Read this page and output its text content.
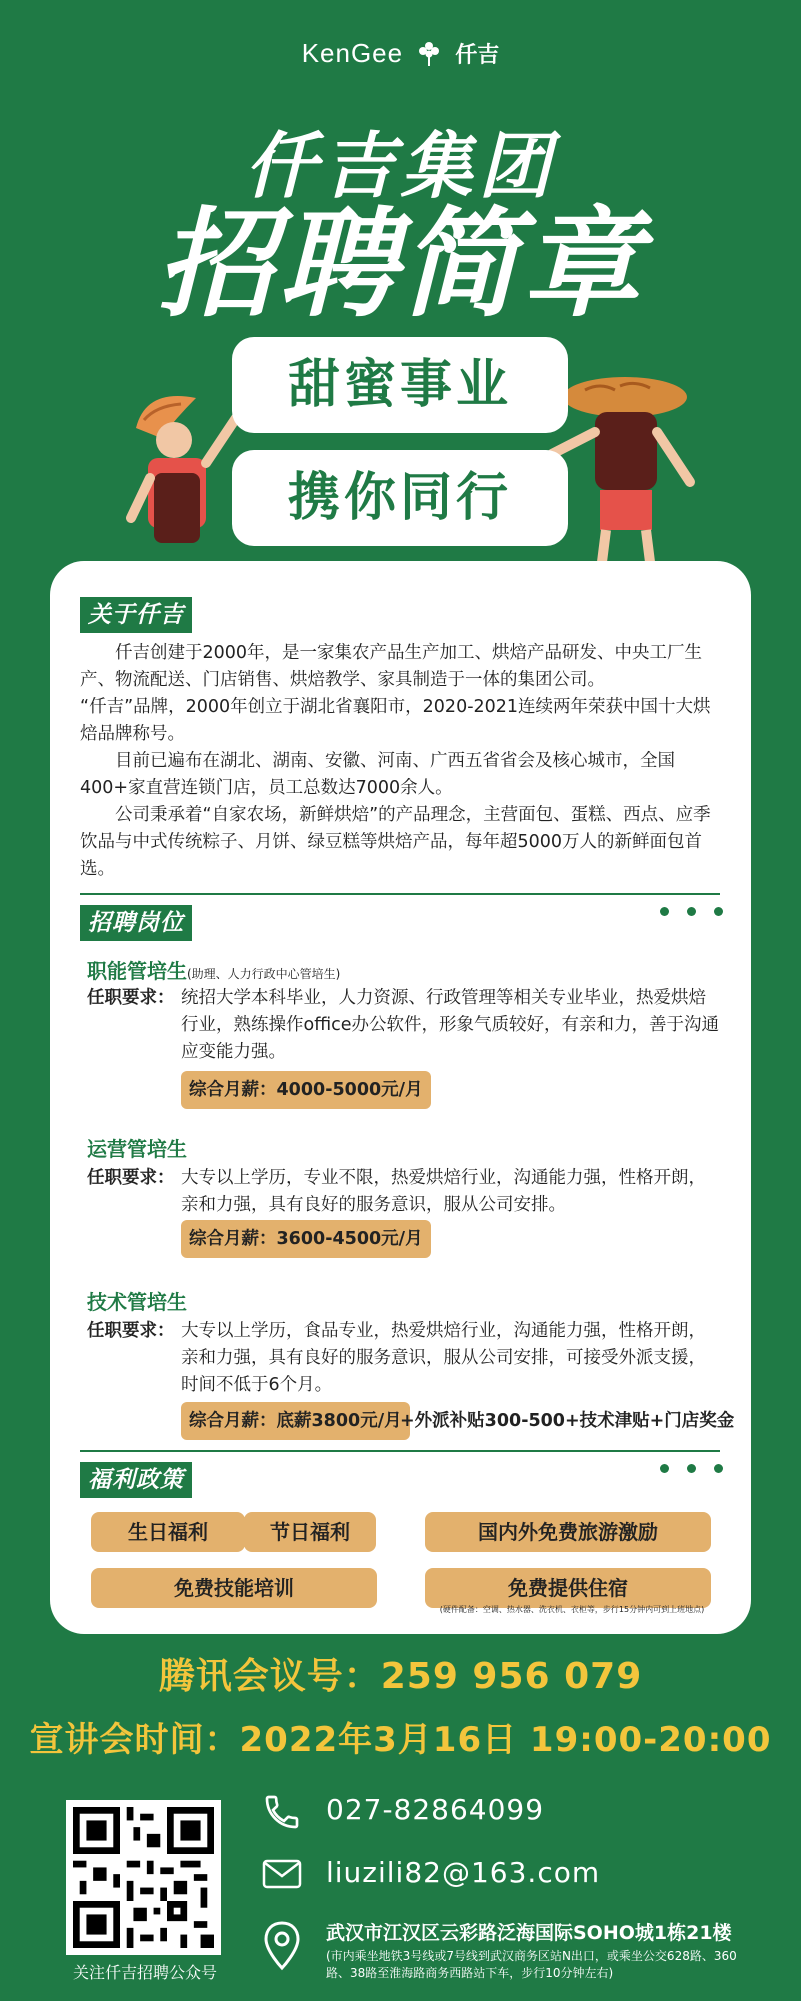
KenGee 仟吉
仟吉集团
招聘简章
甜蜜事业
携你同行
关于仟吉
　　仟吉创建于2000年，是一家集农产品生产加工、烘焙产品研发、中央工厂生产、物流配送、门店销售、烘焙教学、家具制造于一体的集团公司。
“仟吉”品牌，2000年创立于湖北省襄阳市，2020-2021连续两年荣获中国十大烘焙品牌称号。
　　目前已遍布在湖北、湖南、安徽、河南、广西五省省会及核心城市，全国400+家直营连锁门店，员工总数达7000余人。
　　公司秉承着“自家农场，新鲜烘焙”的产品理念，主营面包、蛋糕、西点、应季饮品与中式传统粽子、月饼、绿豆糕等烘焙产品，每年超5000万人的新鲜面包首选。
招聘岗位
职能管培生(助理、人力行政中心管培生)
任职要求： 统招大学本科毕业，人力资源、行政管理等相关专业毕业，热爱烘焙行业，熟练操作office办公软件，形象气质较好，有亲和力，善于沟通应变能力强。
综合月薪：4000-5000元/月
运营管培生
任职要求： 大专以上学历，专业不限，热爱烘焙行业，沟通能力强，性格开朗，亲和力强，具有良好的服务意识，服从公司安排。
综合月薪：3600-4500元/月
技术管培生
任职要求： 大专以上学历，食品专业，热爱烘焙行业，沟通能力强，性格开朗，亲和力强，具有良好的服务意识，服从公司安排，可接受外派支援，时间不低于6个月。
综合月薪：底薪3800元/月
+外派补贴300-500+技术津贴+门店奖金
福利政策
生日福利	节日福利	国内外免费旅游激励
免费技能培训	免费提供住宿
(硬件配备：空调、热水器、洗衣机、衣柜等，步行15分钟内可到上班地点)
腾讯会议号：259 956 079
宣讲会时间：2022年3月16日 19:00-20:00
关注仟吉招聘公众号
027-82864099
liuzili82@163.com
武汉市江汉区云彩路泛海国际SOHO城1栋21楼
(市内乘坐地铁3号线或7号线到武汉商务区站N出口，或乘坐公交628路、360路、38路至淮海路商务西路站下车，步行10分钟左右)
